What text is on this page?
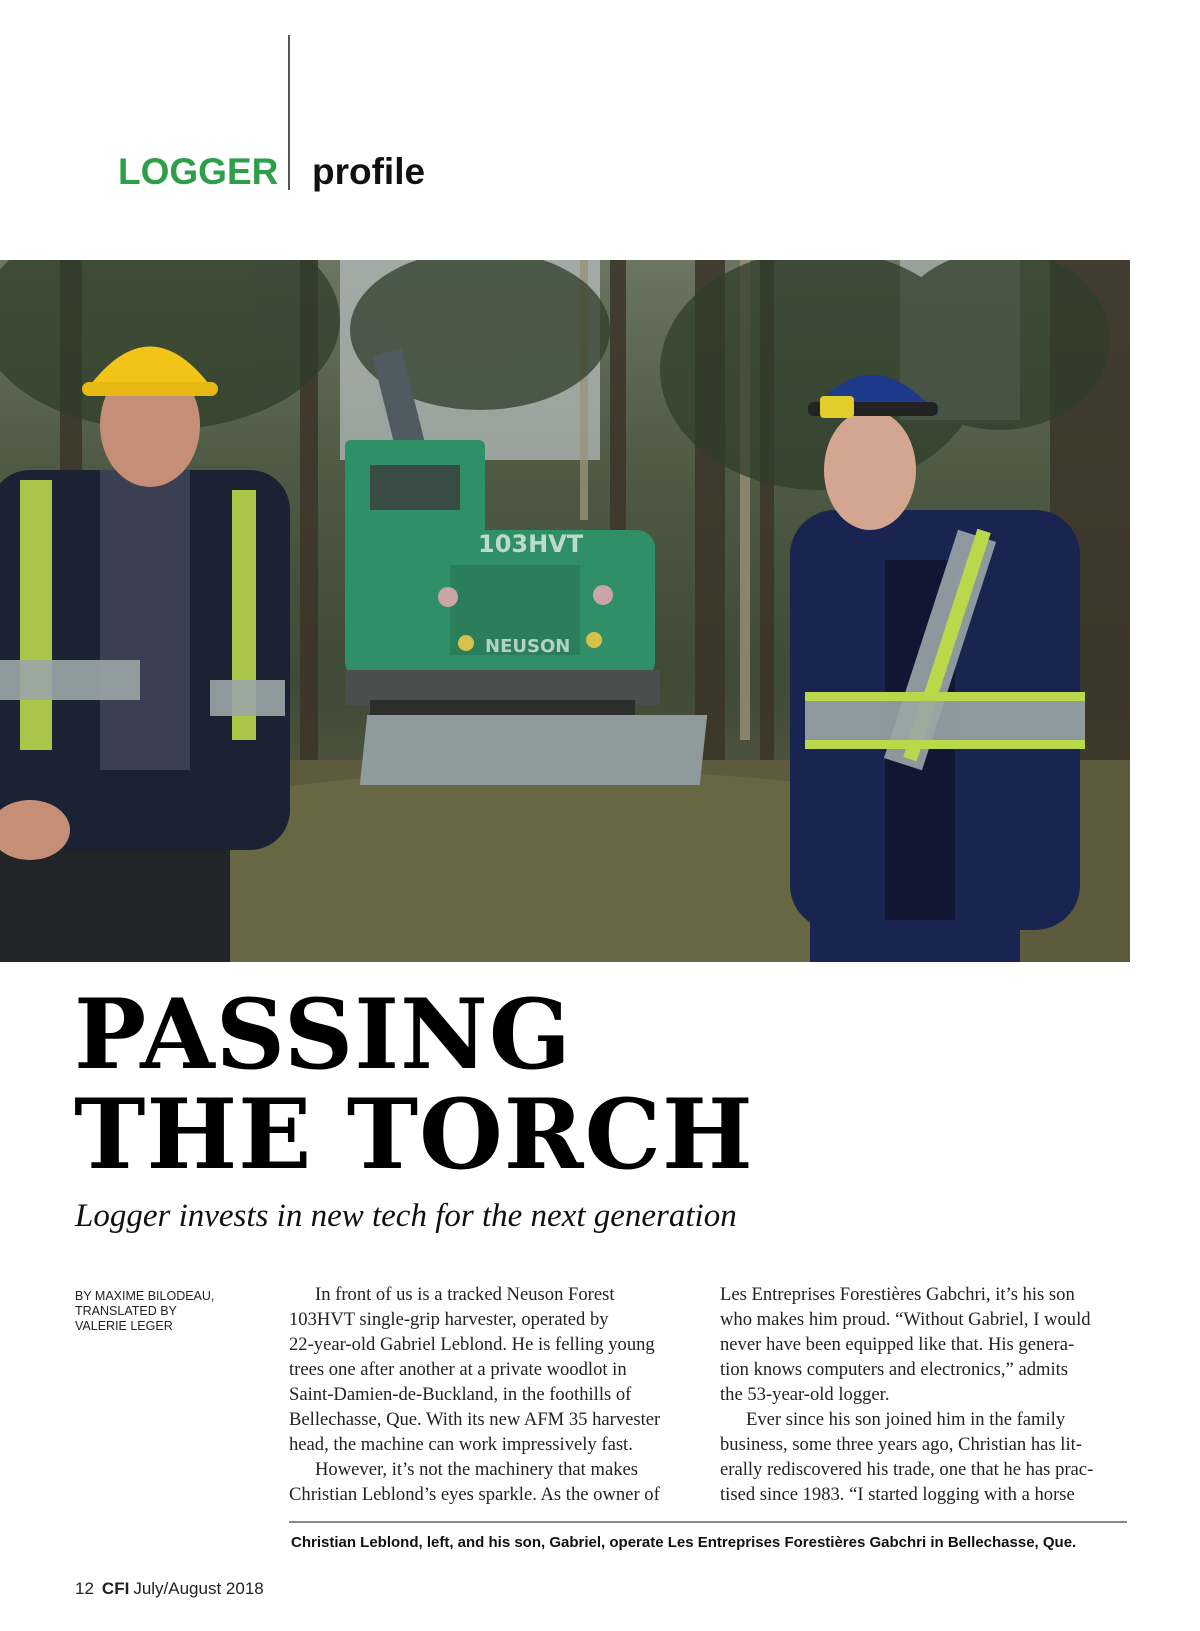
LOGGER profile
103HVT
NEUSON
PASSING
THE TORCH

Logger invests in new tech for the next generation

BY MAXIME BILODEAU,
TRANSLATED BY
VALERIE LEGER
In front of us is a tracked Neuson Forest
103HVT single-grip harvester, operated by
22-year-old Gabriel Leblond. He is felling young
trees one after another at a private woodlot in
Saint-Damien-de-Buckland, in the foothills of
Bellechasse, Que. With its new AFM 35 harvester
head, the machine can work impressively fast.
However, it’s not the machinery that makes
Christian Leblond’s eyes sparkle. As the owner of
Les Entreprises Forestières Gabchri, it’s his son
who makes him proud. “Without Gabriel, I would
never have been equipped like that. His genera-
tion knows computers and electronics,” admits
the 53-year-old logger.
Ever since his son joined him in the family
business, some three years ago, Christian has lit-
erally rediscovered his trade, one that he has prac-
tised since 1983. “I started logging with a horse

Christian Leblond, left, and his son, Gabriel, operate Les Entreprises Forestières Gabchri in Bellechasse, Que.

12 CFI July/August 2018
